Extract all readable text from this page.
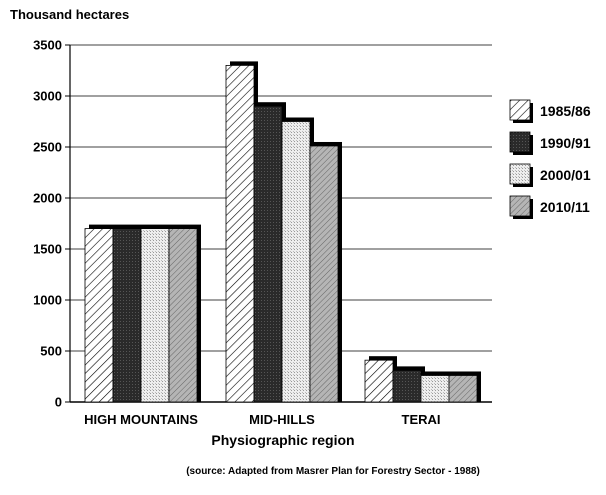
0
500
1000
1500
2000
2500
3000
3500
HIGH MOUNTAINS	MID-HILLS	TERAI
1985/86
1990/91
2000/01
2010/11
Thousand hectares
Physiographic region
(source: Adapted from Masrer Plan for Forestry Sector - 1988)
